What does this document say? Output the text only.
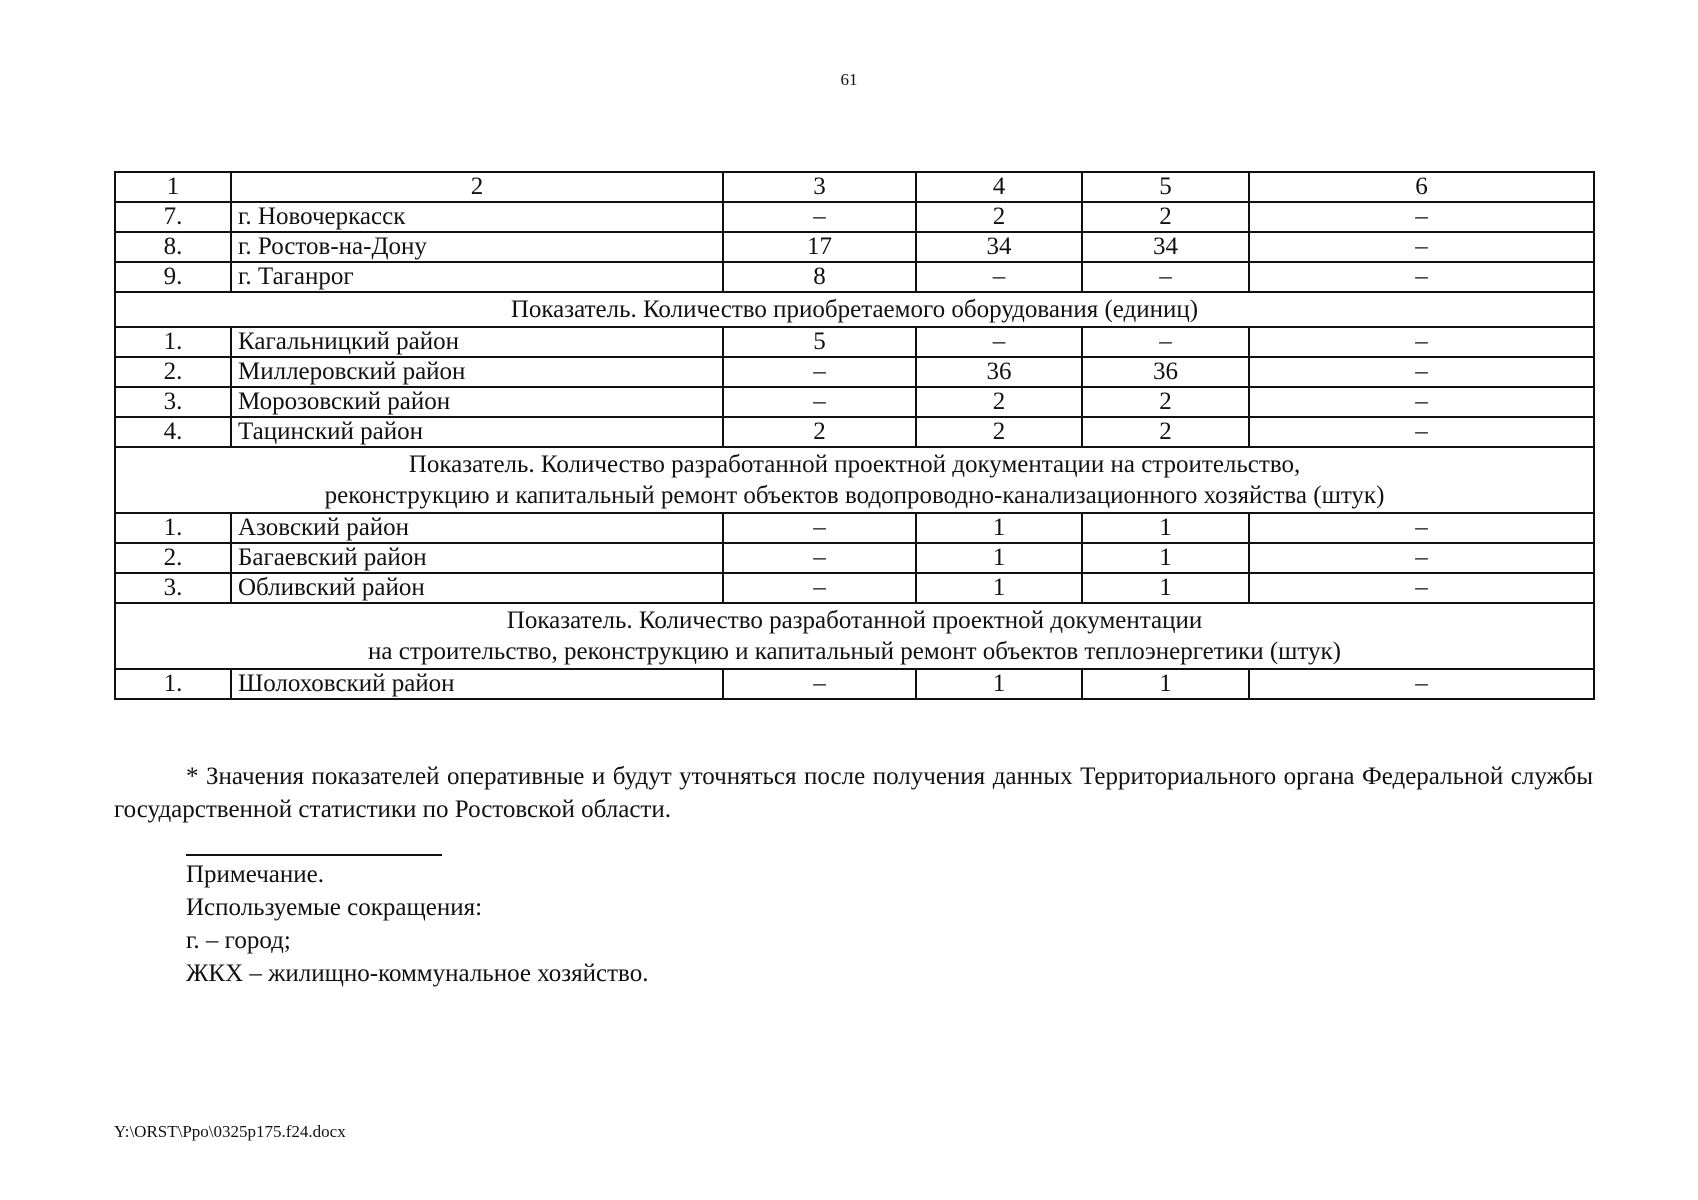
61
1	2	3	4	5	6
7.	г. Новочеркасск	–	2	2	–
8.	г. Ростов-на-Дону	17	34	34	–
9.	г. Таганрог	8	–	–	–

Показатель. Количество приобретаемого оборудования (единиц)					

1.	Кагальницкий район	5	–	–	–
2.	Миллеровский район	–	36	36	–
3.	Морозовский район	–	2	2	–
4.	Тацинский район	2	2	2	–

Показатель. Количество разработанной проектной документации на строительство,
реконструкцию и капитальный ремонт объектов водопроводно-канализационного хозяйства (штук)					

1.	Азовский район	–	1	1	–
2.	Багаевский район	–	1	1	–
3.	Обливский район	–	1	1	–

Показатель. Количество разработанной проектной документации
на строительство, реконструкцию и капитальный ремонт объектов теплоэнергетики (штук)					

1.	Шолоховский район	–	1	1	–
* Значения показателей оперативные и будут уточняться после получения данных Территориального органа Федеральной службы государственной статистики по Ростовской области.
Примечание.
Используемые сокращения:
г. – город;
ЖКХ – жилищно-коммунальное хозяйство.
Y:\ORST\Ppo\0325p175.f24.docx
